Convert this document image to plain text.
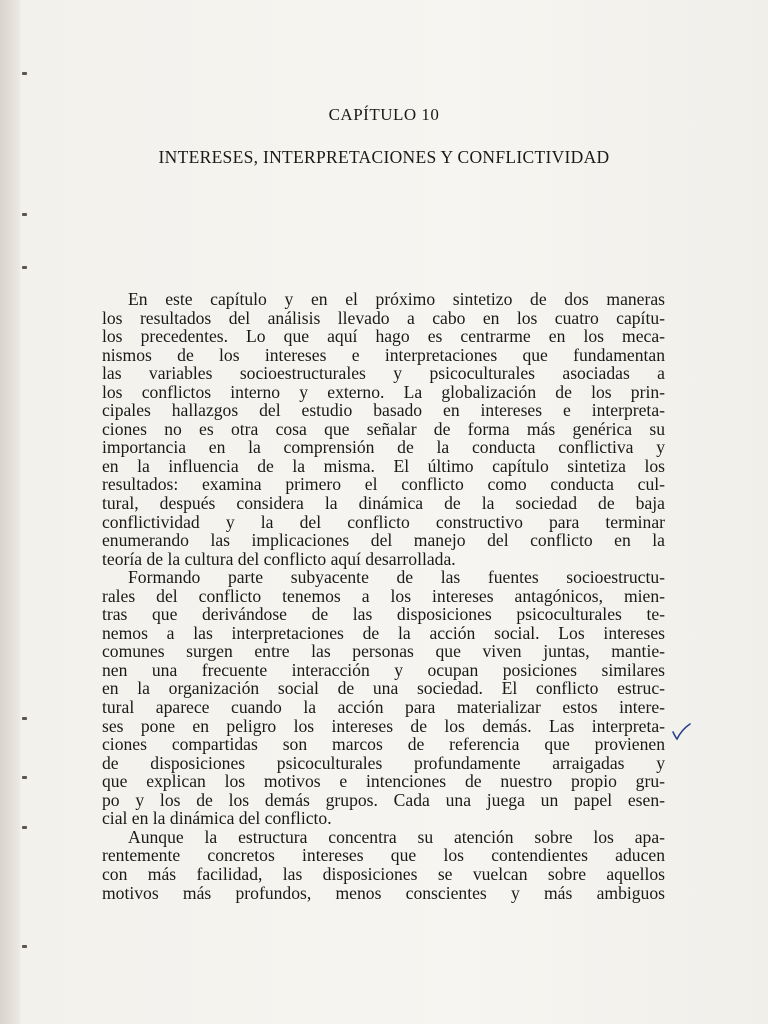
CAPÍTULO 10
INTERESES, INTERPRETACIONES Y CONFLICTIVIDAD
En este capítulo y en el próximo sintetizo de dos maneras
los resultados del análisis llevado a cabo en los cuatro capítu-
los precedentes. Lo que aquí hago es centrarme en los meca-
nismos de los intereses e interpretaciones que fundamentan
las variables socioestructurales y psicoculturales asociadas a
los conflictos interno y externo. La globalización de los prin-
cipales hallazgos del estudio basado en intereses e interpreta-
ciones no es otra cosa que señalar de forma más genérica su
importancia en la comprensión de la conducta conflictiva y
en la influencia de la misma. El último capítulo sintetiza los
resultados: examina primero el conflicto como conducta cul-
tural, después considera la dinámica de la sociedad de baja
conflictividad y la del conflicto constructivo para terminar
enumerando las implicaciones del manejo del conflicto en la
teoría de la cultura del conflicto aquí desarrollada.
Formando parte subyacente de las fuentes socioestructu-
rales del conflicto tenemos a los intereses antagónicos, mien-
tras que derivándose de las disposiciones psicoculturales te-
nemos a las interpretaciones de la acción social. Los intereses
comunes surgen entre las personas que viven juntas, mantie-
nen una frecuente interacción y ocupan posiciones similares
en la organización social de una sociedad. El conflicto estruc-
tural aparece cuando la acción para materializar estos intere-
ses pone en peligro los intereses de los demás. Las interpreta-
ciones compartidas son marcos de referencia que provienen
de disposiciones psicoculturales profundamente arraigadas y
que explican los motivos e intenciones de nuestro propio gru-
po y los de los demás grupos. Cada una juega un papel esen-
cial en la dinámica del conflicto.
Aunque la estructura concentra su atención sobre los apa-
rentemente concretos intereses que los contendientes aducen
con más facilidad, las disposiciones se vuelcan sobre aquellos
motivos más profundos, menos conscientes y más ambiguos
